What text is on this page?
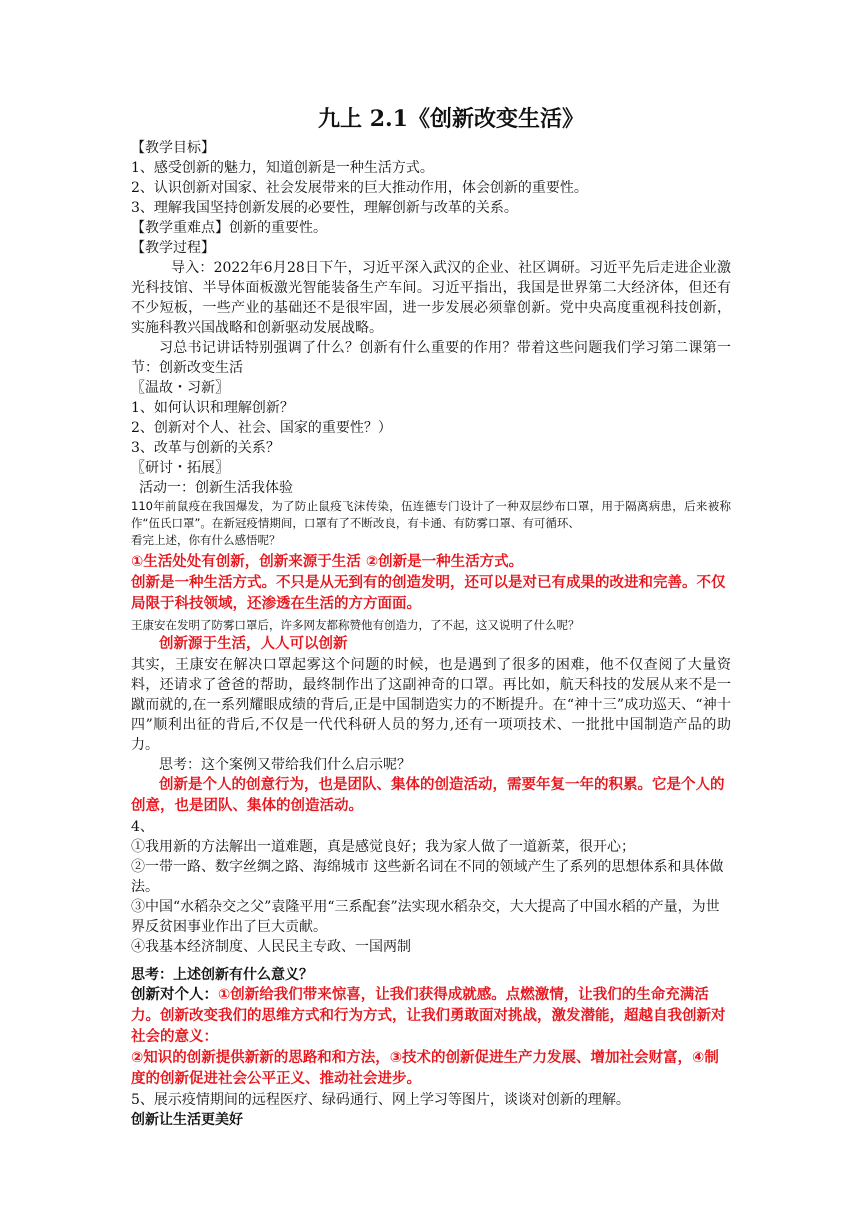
九上 2.1《创新改变生活》

【教学目标】

1、感受创新的魅力，知道创新是一种生活方式。

2、认识创新对国家、社会发展带来的巨大推动作用，体会创新的重要性。

3、理解我国坚持创新发展的必要性，理解创新与改革的关系。

【教学重难点】创新的重要性。

【教学过程】

导入：2022年6月28日下午，习近平深入武汉的企业、社区调研。习近平先后走进企业激光科技馆、半导体面板激光智能装备生产车间。习近平指出，我国是世界第二大经济体，但还有不少短板，一些产业的基础还不是很牢固，进一步发展必须靠创新。党中央高度重视科技创新，实施科教兴国战略和创新驱动发展战略。

习总书记讲话特别强调了什么？创新有什么重要的作用？带着这些问题我们学习第二课第一节：创新改变生活

〖温故・习新〗

1、如何认识和理解创新？

2、创新对个人、社会、国家的重要性？）

3、改革与创新的关系？

〖研讨・拓展〗

活动一：创新生活我体验

110年前鼠疫在我国爆发，为了防止鼠疫飞沫传染，伍连德专门设计了一种双层纱布口罩，用于隔离病患，后来被称作“伍氏口罩”。在新冠疫情期间，口罩有了不断改良，有卡通、有防雾口罩、有可循环、

看完上述，你有什么感悟呢？

①生活处处有创新，创新来源于生活 ②创新是一种生活方式。

创新是一种生活方式。不只是从无到有的创造发明，还可以是对已有成果的改进和完善。不仅局限于科技领域，还渗透在生活的方方面面。

王康安在发明了防雾口罩后，许多网友都称赞他有创造力，了不起，这又说明了什么呢？

创新源于生活，人人可以创新

其实，王康安在解决口罩起雾这个问题的时候，也是遇到了很多的困难，他不仅查阅了大量资料，还请求了爸爸的帮助，最终制作出了这副神奇的口罩。再比如，航天科技的发展从来不是一蹴而就的,在一系列耀眼成绩的背后,正是中国制造实力的不断提升。在“神十三”成功巡天、“神十四”顺利出征的背后,不仅是一代代科研人员的努力,还有一项项技术、一批批中国制造产品的助力。

思考：这个案例又带给我们什么启示呢？

创新是个人的创意行为，也是团队、集体的创造活动，需要年复一年的积累。它是个人的创意，也是团队、集体的创造活动。

4、

①我用新的方法解出一道难题，真是感觉良好；我为家人做了一道新菜，很开心；

②一带一路、数字丝绸之路、海绵城市 这些新名词在不同的领域产生了系列的思想体系和具体做法。

③中国“水稻杂交之父”袁隆平用“三系配套”法实现水稻杂交，大大提高了中国水稻的产量，为世界反贫困事业作出了巨大贡献。

④我基本经济制度、人民民主专政、一国两制

思考：上述创新有什么意义？

创新对个人：①创新给我们带来惊喜，让我们获得成就感。点燃激情，让我们的生命充满活力。创新改变我们的思维方式和行为方式，让我们勇敢面对挑战，激发潜能，超越自我创新对社会的意义：

②知识的创新提供新新的思路和和方法，③技术的创新促进生产力发展、增加社会财富，④制度的创新促进社会公平正义、推动社会进步。

5、展示疫情期间的远程医疗、绿码通行、网上学习等图片，谈谈对创新的理解。

创新让生活更美好
